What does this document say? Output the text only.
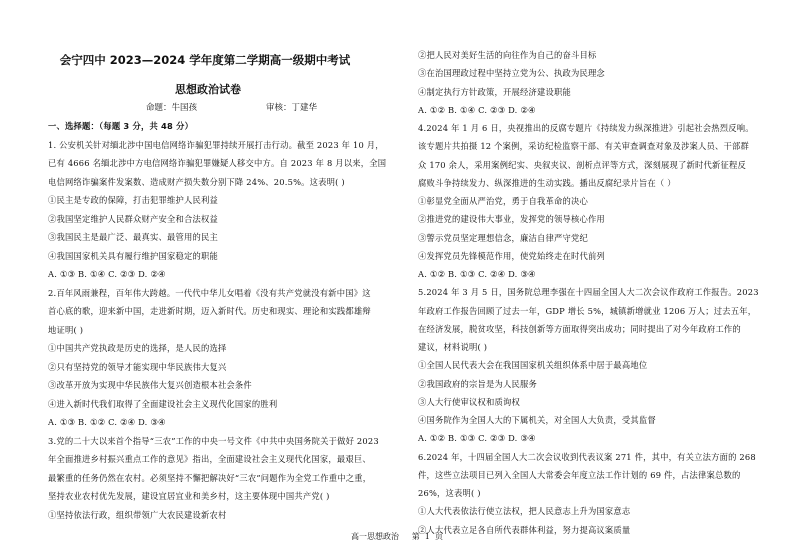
会宁四中 2023—2024 学年度第二学期高一级期中考试
思想政治试卷
命题：牛国孩	审核：丁建华
一、选择题：（每题 3 分，共 48 分）
1. 公安机关针对缅北涉中国电信网络诈骗犯罪持续开展打击行动。截至 2023 年 10 月，
已有 4666 名缅北涉中方电信网络诈骗犯罪嫌疑人移交中方。自 2023 年 8 月以来，全国
电信网络诈骗案件发案数、造成财产损失数分别下降 24%、20.5%。这表明( )
①民主是专政的保障，打击犯罪维护人民利益
②我国坚定维护人民群众财产安全和合法权益
③我国民主是最广泛、最真实、最管用的民主
④我国国家机关具有履行维护国家稳定的职能
A. ①③ B. ①④ C. ②③ D. ②④
2.百年风雨兼程，百年伟大跨越。一代代中华儿女唱着《没有共产党就没有新中国》这
首心底的歌，迎来新中国，走进新时期，迈入新时代。历史和现实、理论和实践都雄辩
地证明( )
①中国共产党执政是历史的选择，是人民的选择
②只有坚持党的领导才能实现中华民族伟大复兴
③改革开放为实现中华民族伟大复兴创造根本社会条件
④进入新时代我们取得了全面建设社会主义现代化国家的胜利
A. ①③ B. ①② C. ②④ D. ③④
3.党的二十大以来首个指导“三农”工作的中央一号文件《中共中央国务院关于做好 2023
年全面推进乡村振兴重点工作的意见》指出，全面建设社会主义现代化国家，最艰巨、
最繁重的任务仍然在农村。必须坚持不懈把解决好“三农”问题作为全党工作重中之重，
坚持农业农村优先发展，建设宜居宜业和美乡村，这主要体现中国共产党( )
①坚持依法行政，组织带领广大农民建设新农村
②把人民对美好生活的向往作为自己的奋斗目标
③在治国理政过程中坚持立党为公、执政为民理念
④制定执行方针政策，开展经济建设职能
A. ①② B. ①④ C. ②③ D. ②④
4.2024 年 1 月 6 日，央视推出的反腐专题片《持续发力纵深推进》引起社会热烈反响。
该专题片共拍摄 12 个案例，采访纪检监察干部、有关审查调查对象及涉案人员、干部群
众 170 余人，采用案例纪实、央叙夹议、剖析点评等方式，深刻展现了新时代新征程反
腐败斗争持续发力、纵深推进的生动实践。播出反腐纪录片旨在（ ）
①彰显党全面从严治党，勇于自我革命的决心
②推进党的建设伟大事业，发挥党的领导核心作用
③警示党员坚定理想信念，廉洁自律严守党纪
④发挥党员先锋模范作用，使党始终走在时代前列
A. ①② B. ①③ C. ②④ D. ③④
5.2024 年 3 月 5 日，国务院总理李强在十四届全国人大二次会议作政府工作报告。2023
年政府工作报告回顾了过去一年，GDP 增长 5%，城镇新增就业 1206 万人；过去五年，
在经济发展，脱贫攻坚，科技创新等方面取得突出成功；同时提出了对今年政府工作的
建议，材料说明( )
①全国人民代表大会在我国国家机关组织体系中居于最高地位
②我国政府的宗旨是为人民服务
③人大行使审议权和质询权
④国务院作为全国人大的下属机关，对全国人大负责，受其监督
A. ①② B. ①③ C. ②③ D. ③④
6.2024 年，十四届全国人大二次会议收到代表议案 271 件，其中，有关立法方面的 268
件，这些立法项目已列入全国人大常委会年度立法工作计划的 69 件，占法律案总数的
26%，这表明( )
①人大代表依法行使立法权，把人民意志上升为国家意志
②人大代表立足各自所代表群体利益，努力提高议案质量
高一思想政治     第  1  页
